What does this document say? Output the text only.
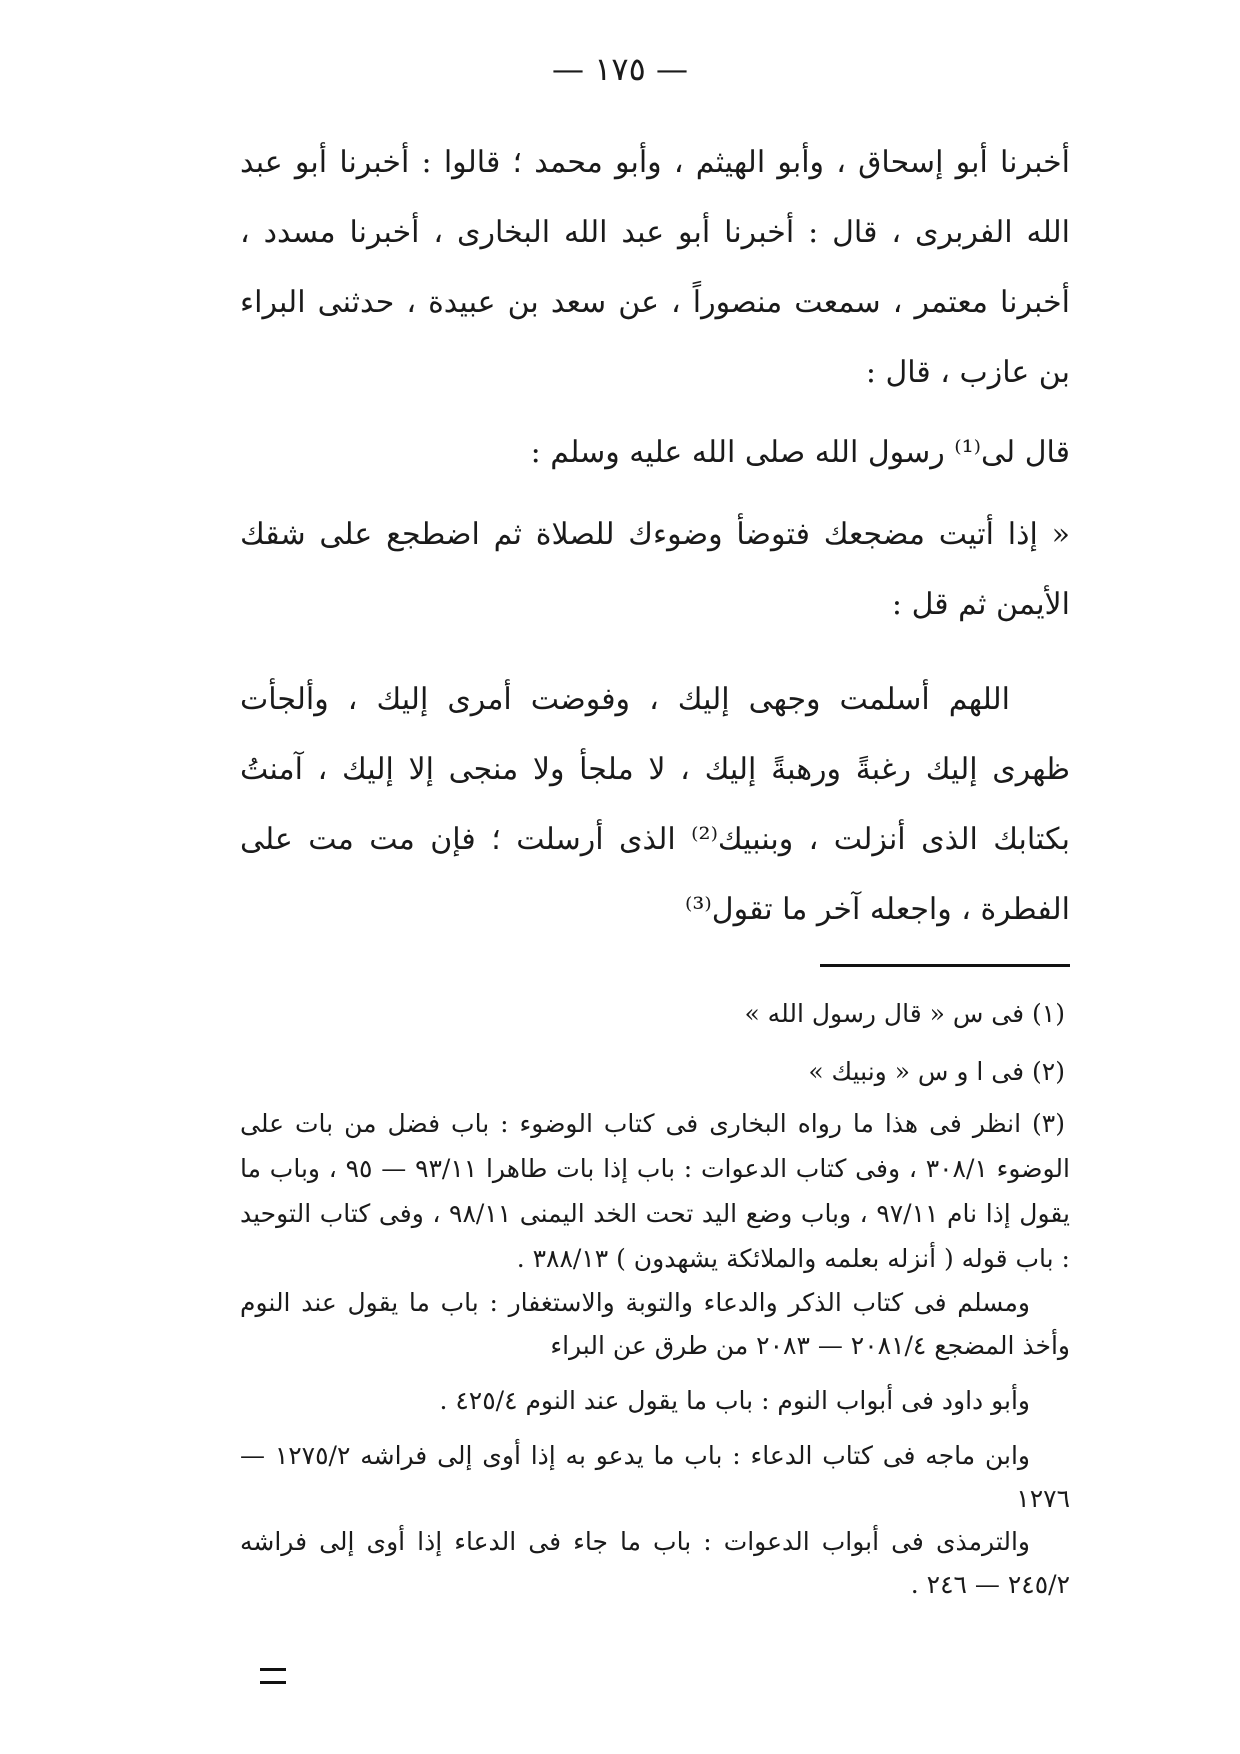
— ١٧٥ —
أخبرنا أبو إسحاق ، وأبو الهيثم ، وأبو محمد ؛ قالوا : أخبرنا أبو عبد الله الفربرى ، قال : أخبرنا أبو عبد الله البخارى ، أخبرنا مسدد ، أخبرنا معتمر ، سمعت منصوراً ، عن سعد بن عبيدة ، حدثنى البراء بن عازب ، قال :
قال لى⁽¹⁾ رسول الله صلى الله عليه وسلم :
« إذا أتيت مضجعك فتوضأ وضوءك للصلاة ثم اضطجع على شقك الأيمن ثم قل :
اللهم أسلمت وجهى إليك ، وفوضت أمرى إليك ، وألجأت ظهرى إليك رغبةً ورهبةً إليك ، لا ملجأ ولا منجى إلا إليك ، آمنتُ بكتابك الذى أنزلت ، وبنبيك⁽²⁾ الذى أرسلت ؛ فإن مت مت على الفطرة ، واجعله آخر ما تقول⁽³⁾

(١) فى س « قال رسول الله »

(٢) فى ا و س « ونبيك »

(٣) انظر فى هذا ما رواه البخارى فى كتاب الوضوء : باب فضل من بات على الوضوء ٣٠٨/١ ، وفى كتاب الدعوات : باب إذا بات طاهرا ٩٣/١١ — ٩٥ ، وباب ما يقول إذا نام ٩٧/١١ ، وباب وضع اليد تحت الخد اليمنى ٩٨/١١ ، وفى كتاب التوحيد : باب قوله ( أنزله بعلمه والملائكة يشهدون ) ٣٨٨/١٣ .

ومسلم فى كتاب الذكر والدعاء والتوبة والاستغفار : باب ما يقول عند النوم وأخذ المضجع ٢٠٨١/٤ — ٢٠٨٣ من طرق عن البراء

وأبو داود فى أبواب النوم : باب ما يقول عند النوم ٤٢٥/٤ .

وابن ماجه فى كتاب الدعاء : باب ما يدعو به إذا أوى إلى فراشه ١٢٧٥/٢ — ١٢٧٦

والترمذى فى أبواب الدعوات : باب ما جاء فى الدعاء إذا أوى إلى فراشه ٢٤٥/٢ — ٢٤٦ .
